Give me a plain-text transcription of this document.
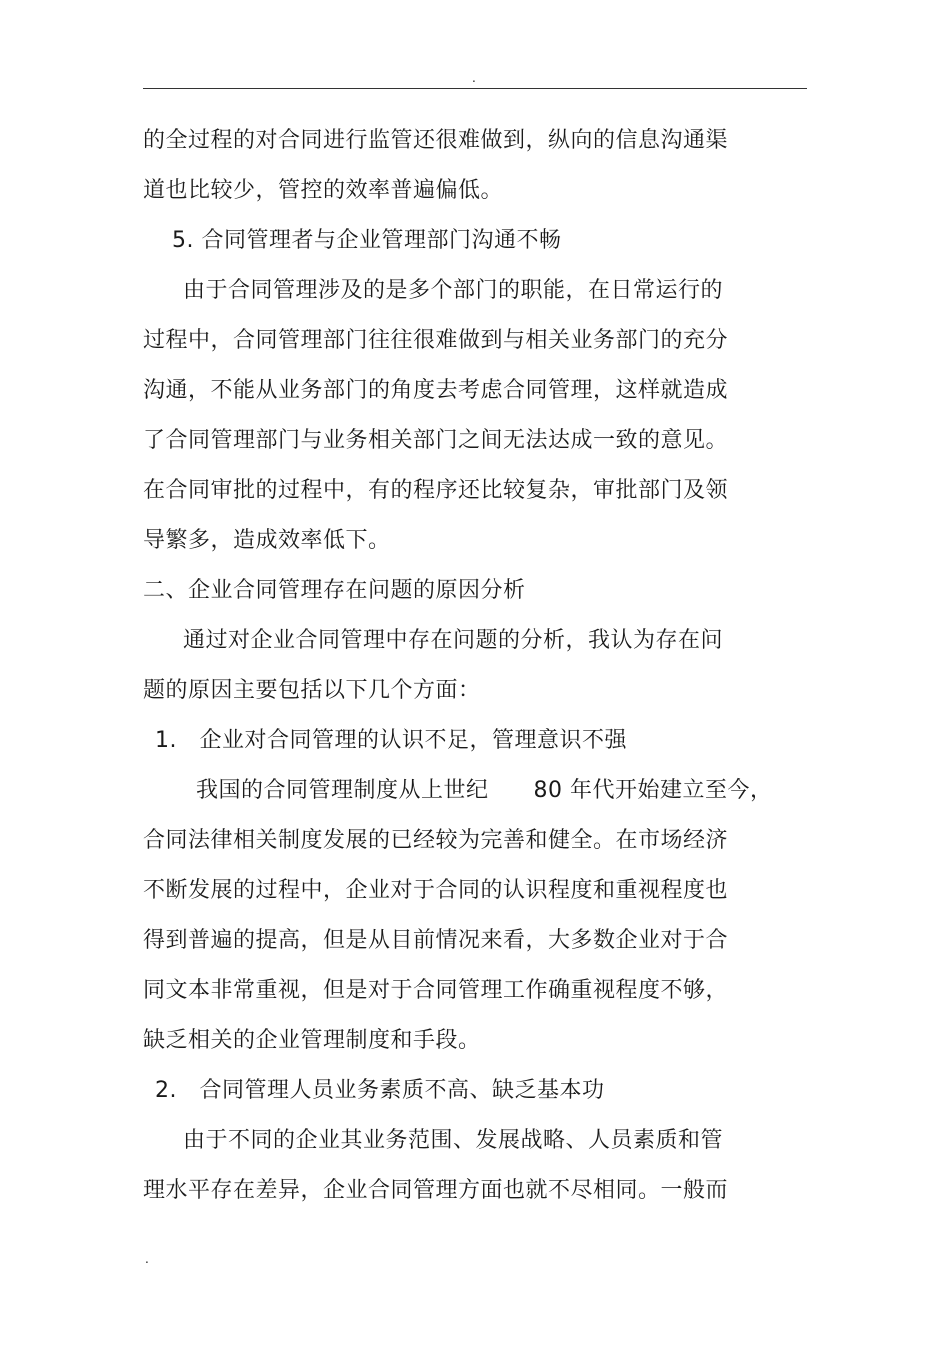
.
的全过程的对合同进行监管还很难做到，纵向的信息沟通渠
道也比较少，管控的效率普遍偏低。
5. 合同管理者与企业管理部门沟通不畅
由于合同管理涉及的是多个部门的职能，在日常运行的
过程中，合同管理部门往往很难做到与相关业务部门的充分
沟通，不能从业务部门的角度去考虑合同管理，这样就造成
了合同管理部门与业务相关部门之间无法达成一致的意见。
在合同审批的过程中，有的程序还比较复杂，审批部门及领
导繁多，造成效率低下。
二、企业合同管理存在问题的原因分析
通过对企业合同管理中存在问题的分析，我认为存在问
题的原因主要包括以下几个方面：
1.   企业对合同管理的认识不足，管理意识不强
我国的合同管理制度从上世纪      80 年代开始建立至今，
合同法律相关制度发展的已经较为完善和健全。在市场经济
不断发展的过程中，企业对于合同的认识程度和重视程度也
得到普遍的提高，但是从目前情况来看，大多数企业对于合
同文本非常重视，但是对于合同管理工作确重视程度不够，
缺乏相关的企业管理制度和手段。
2.   合同管理人员业务素质不高、缺乏基本功
由于不同的企业其业务范围、发展战略、人员素质和管
理水平存在差异，企业合同管理方面也就不尽相同。一般而
.
